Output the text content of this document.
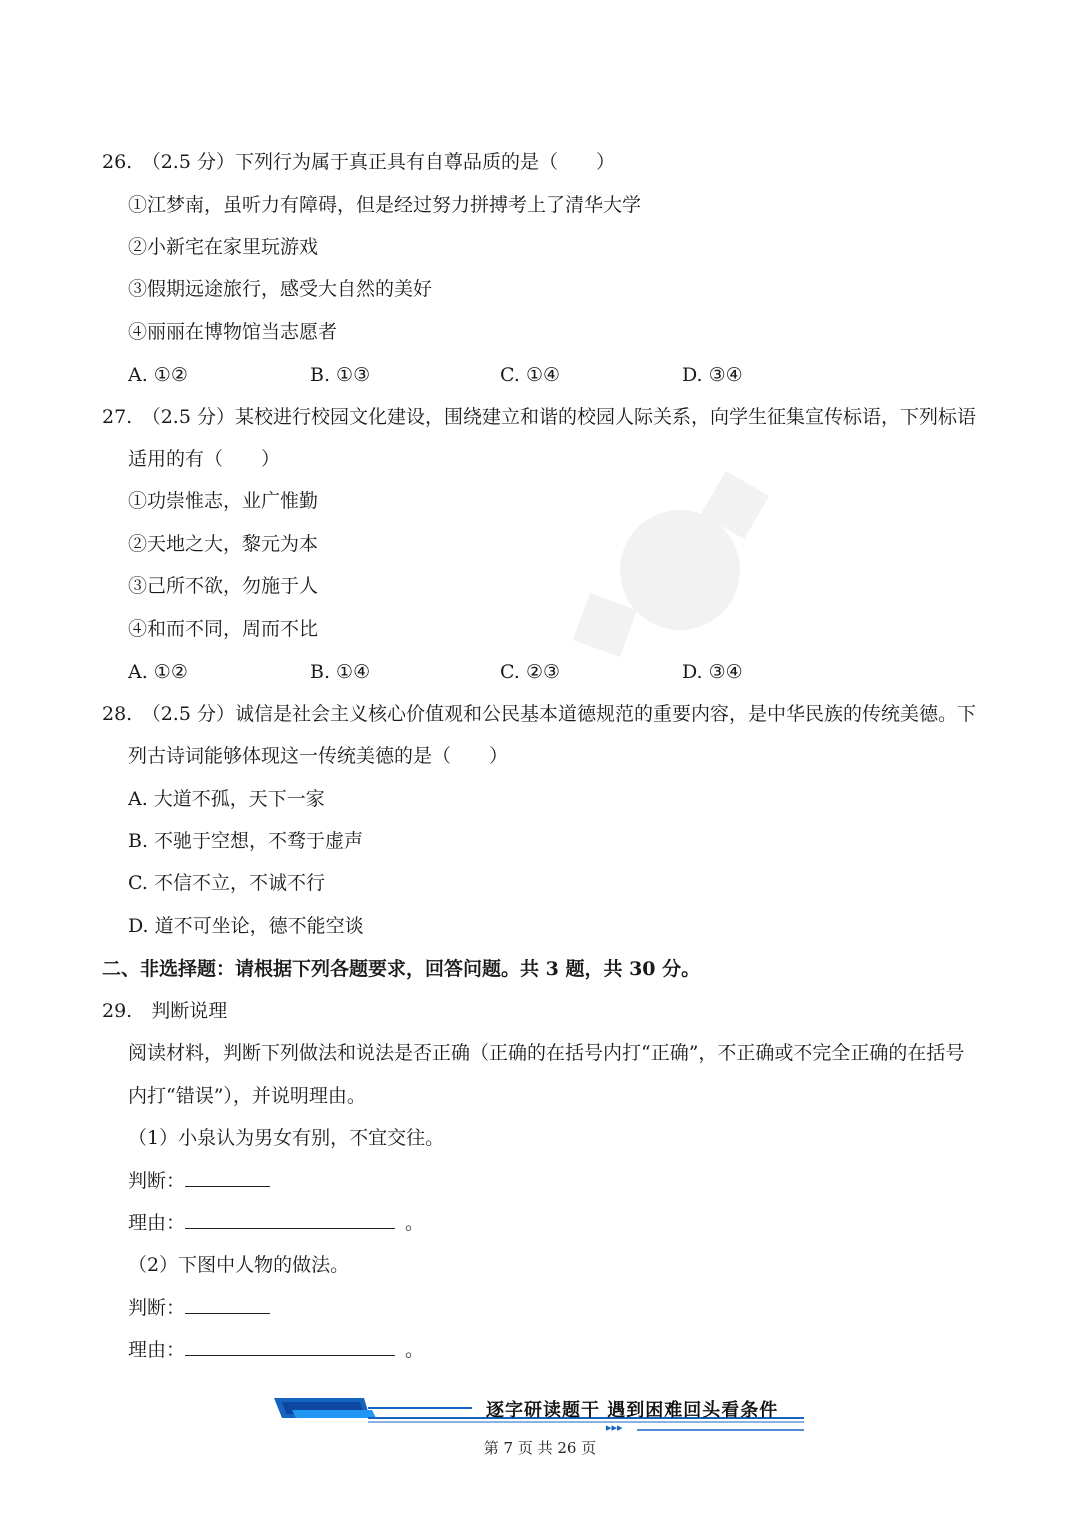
26.　（2.5 分）下列行为属于真正具有自尊品质的是（　　）
①江梦南，虽听力有障碍，但是经过努力拼搏考上了清华大学
②小新宅在家里玩游戏
③假期远途旅行，感受大自然的美好
④丽丽在博物馆当志愿者
A. ①②	B. ①③	C. ①④	D. ③④
27.　（2.5 分）某校进行校园文化建设，围绕建立和谐的校园人际关系，向学生征集宣传标语，下列标语
适用的有（　　）
①功崇惟志，业广惟勤
②天地之大，黎元为本
③己所不欲，勿施于人
④和而不同，周而不比
A. ①②	B. ①④	C. ②③	D. ③④
28.　（2.5 分）诚信是社会主义核心价值观和公民基本道德规范的重要内容，是中华民族的传统美德。下
列古诗词能够体现这一传统美德的是（　　）
A. 大道不孤，天下一家
B. 不驰于空想，不骛于虚声
C. 不信不立，不诚不行
D. 道不可坐论，德不能空谈
二、非选择题：请根据下列各题要求，回答问题。共 3 题，共 30 分。
29.　判断说理
阅读材料，判断下列做法和说法是否正确（正确的在括号内打“正确”，不正确或不完全正确的在括号
内打“错误”），并说明理由。
（1）小泉认为男女有别，不宜交往。
判断：
理由：	。
（2）下图中人物的做法。
判断：
理由：	。
逐字研读题干 遇到困难回头看条件
▸▸▸
第 7 页 共 26 页
